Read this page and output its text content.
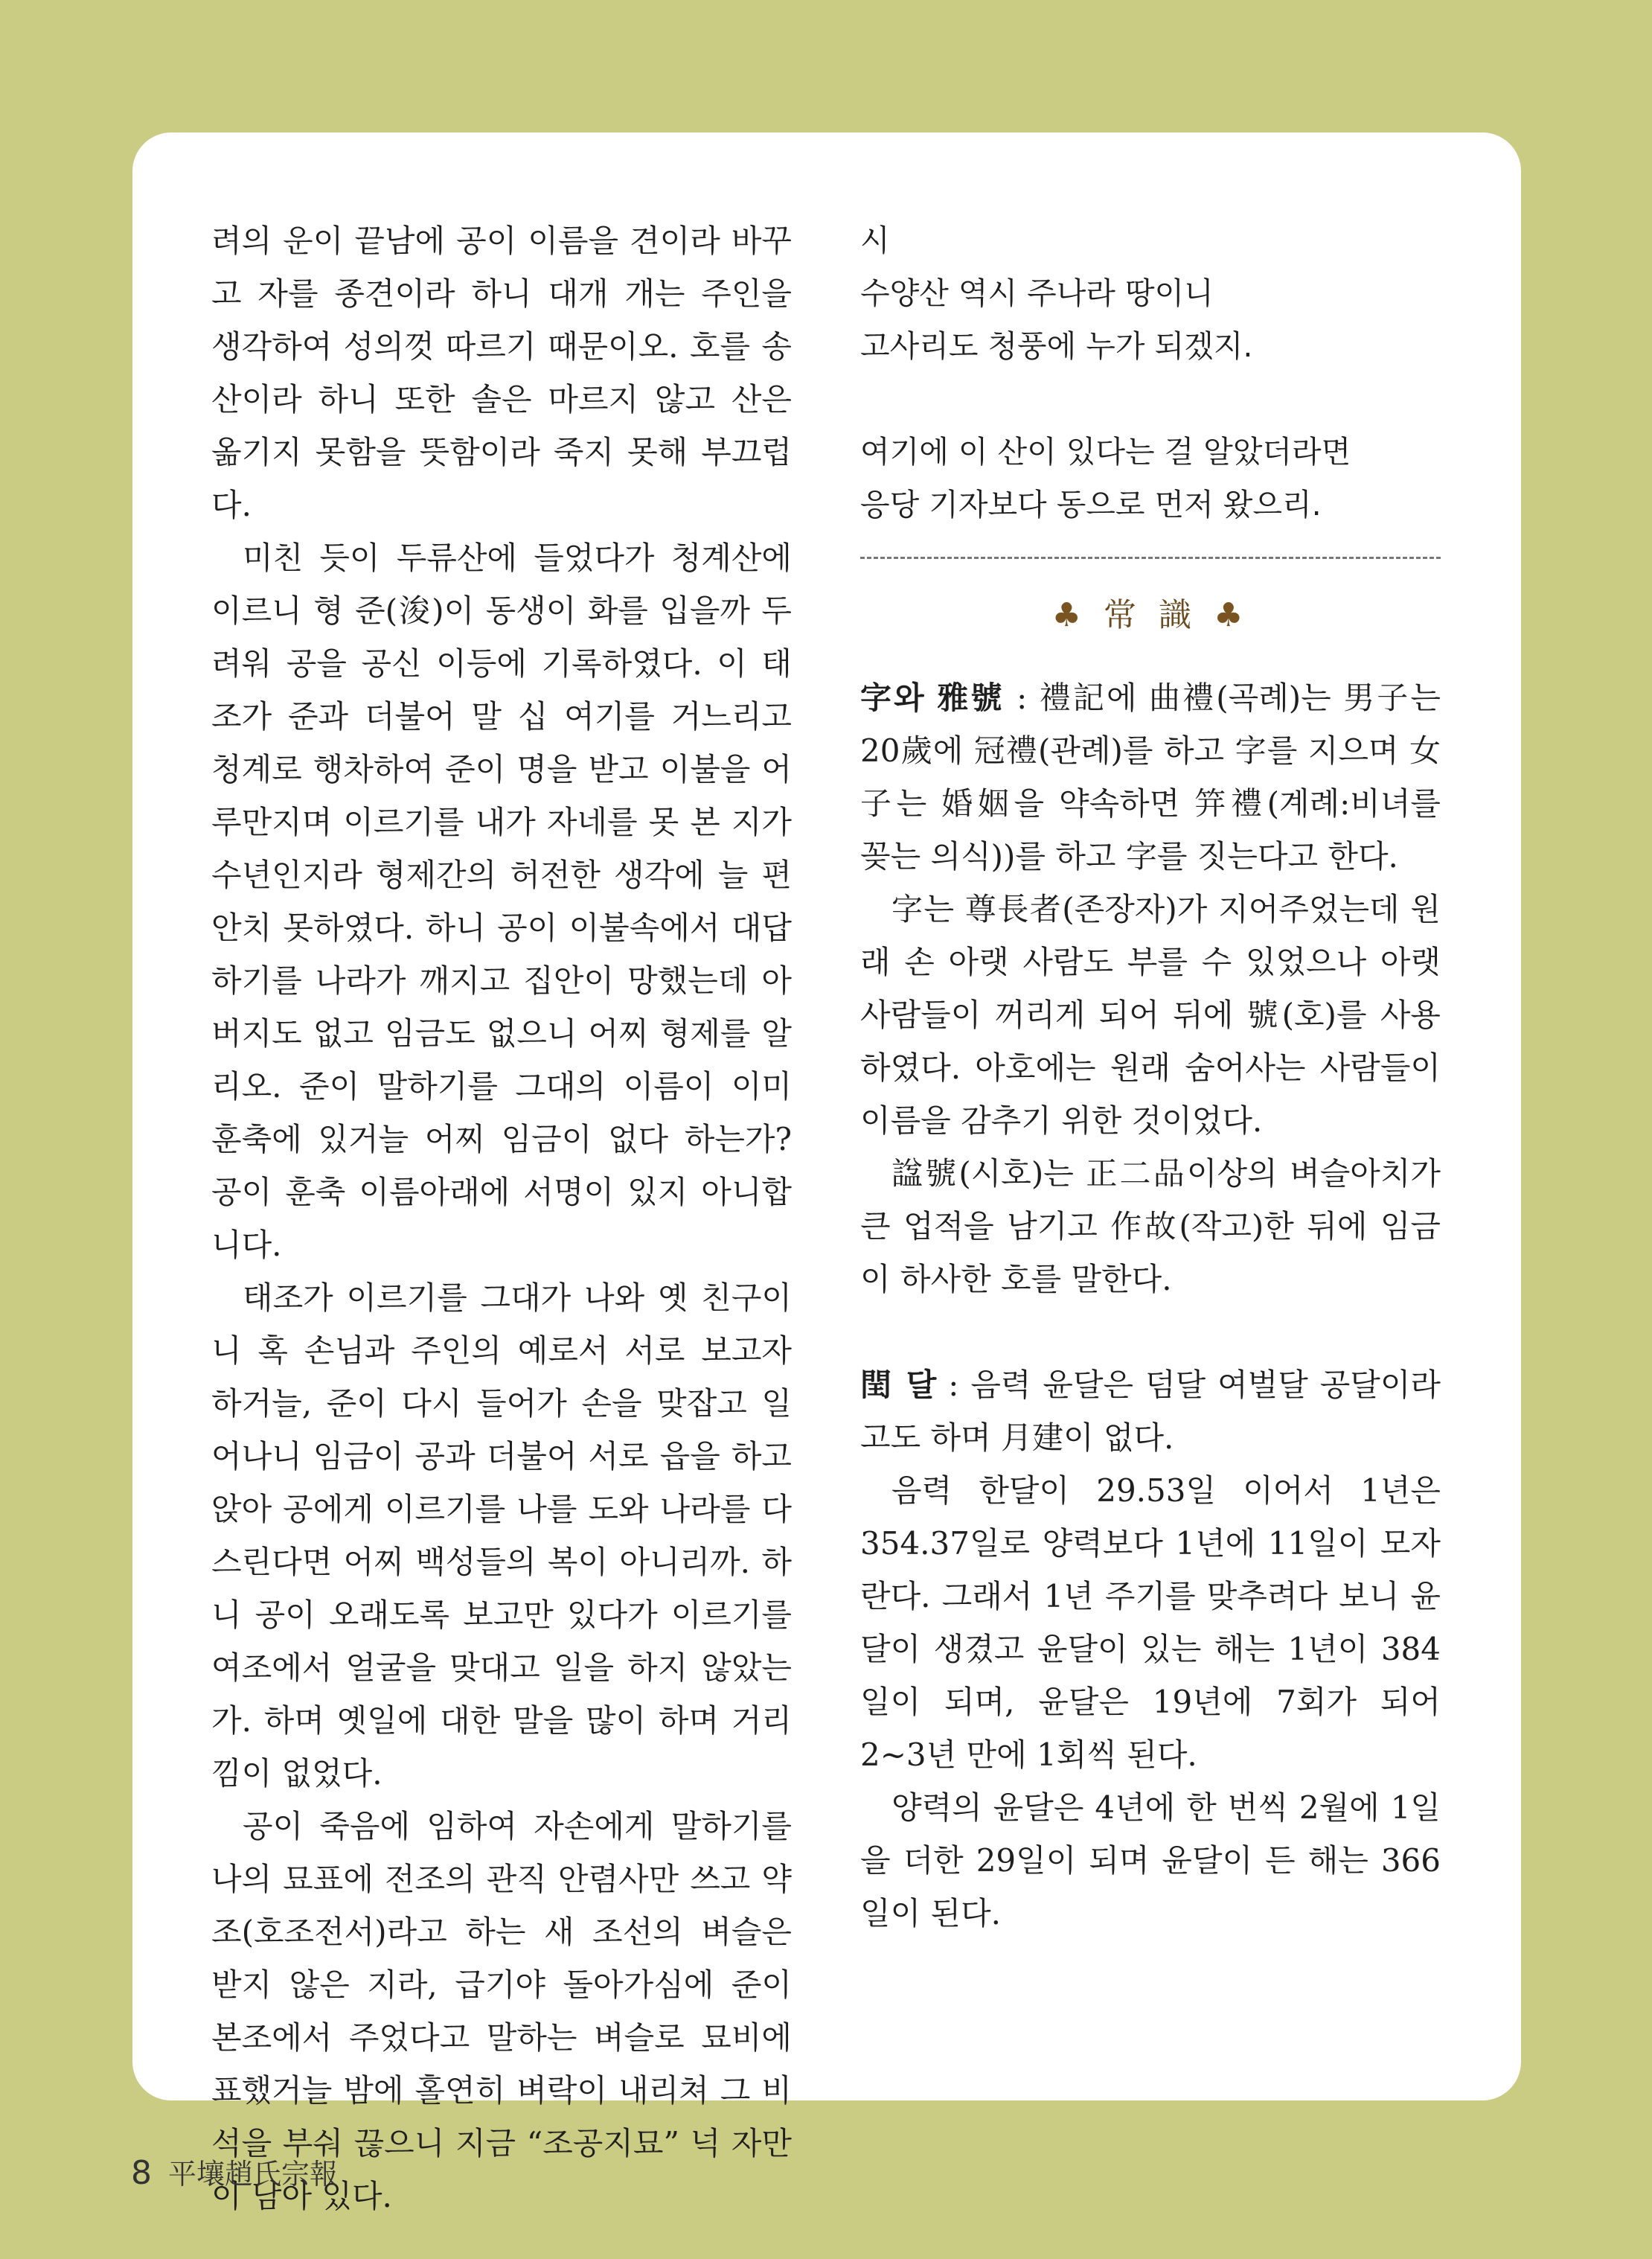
려의 운이 끝남에 공이 이름을 견이라 바꾸고 자를 종견이라 하니 대개 개는 주인을 생각하여 성의껏 따르기 때문이오. 호를 송산이라 하니 또한 솔은 마르지 않고 산은 옮기지 못함을 뜻함이라 죽지 못해 부끄럽다.

미친 듯이 두류산에 들었다가 청계산에 이르니 형 준(浚)이 동생이 화를 입을까 두려워 공을 공신 이등에 기록하였다. 이 태조가 준과 더불어 말 십 여기를 거느리고 청계로 행차하여 준이 명을 받고 이불을 어루만지며 이르기를 내가 자네를 못 본 지가 수년인지라 형제간의 허전한 생각에 늘 편안치 못하였다. 하니 공이 이불속에서 대답하기를 나라가 깨지고 집안이 망했는데 아버지도 없고 임금도 없으니 어찌 형제를 알리오. 준이 말하기를 그대의 이름이 이미 훈축에 있거늘 어찌 임금이 없다 하는가? 공이 훈축 이름아래에 서명이 있지 아니합니다.

태조가 이르기를 그대가 나와 옛 친구이니 혹 손님과 주인의 예로서 서로 보고자 하거늘, 준이 다시 들어가 손을 맞잡고 일어나니 임금이 공과 더불어 서로 읍을 하고 앉아 공에게 이르기를 나를 도와 나라를 다스린다면 어찌 백성들의 복이 아니리까. 하니 공이 오래도록 보고만 있다가 이르기를 여조에서 얼굴을 맞대고 일을 하지 않았는가. 하며 옛일에 대한 말을 많이 하며 거리낌이 없었다.

공이 죽음에 임하여 자손에게 말하기를 나의 묘표에 전조의 관직 안렴사만 쓰고 약조(호조전서)라고 하는 새 조선의 벼슬은 받지 않은 지라, 급기야 돌아가심에 준이 본조에서 주었다고 말하는 벼슬로 묘비에 표했거늘 밤에 홀연히 벼락이 내리쳐 그 비석을 부숴 끊으니 지금 “조공지묘” 넉 자만이 남아 있다.

시

수양산 역시 주나라 땅이니

고사리도 청풍에 누가 되겠지.

여기에 이 산이 있다는 걸 알았더라면

응당 기자보다 동으로 먼저 왔으리.

♣ 常 識 ♣

字와 雅號 : 禮記에 曲禮(곡례)는 男子는 20歲에 冠禮(관례)를 하고 字를 지으며 女子는 婚姻을 약속하면 笄禮(계례:비녀를 꽂는 의식))를 하고 字를 짓는다고 한다.

字는 尊長者(존장자)가 지어주었는데 원래 손 아랫 사람도 부를 수 있었으나 아랫 사람들이 꺼리게 되어 뒤에 號(호)를 사용하였다. 아호에는 원래 숨어사는 사람들이 이름을 감추기 위한 것이었다.

諡號(시호)는 正二品이상의 벼슬아치가 큰 업적을 남기고 作故(작고)한 뒤에 임금이 하사한 호를 말한다.

閏 달 : 음력 윤달은 덤달 여벌달 공달이라고도 하며 月建이 없다.

음력 한달이 29.53일 이어서 1년은 354.37일로 양력보다 1년에 11일이 모자란다. 그래서 1년 주기를 맞추려다 보니 윤달이 생겼고 윤달이 있는 해는 1년이 384일이 되며, 윤달은 19년에 7회가 되어 2~3년 만에 1회씩 된다.

양력의 윤달은 4년에 한 번씩 2월에 1일을 더한 29일이 되며 윤달이 든 해는 366일이 된다.

8 平壤趙氏宗報
